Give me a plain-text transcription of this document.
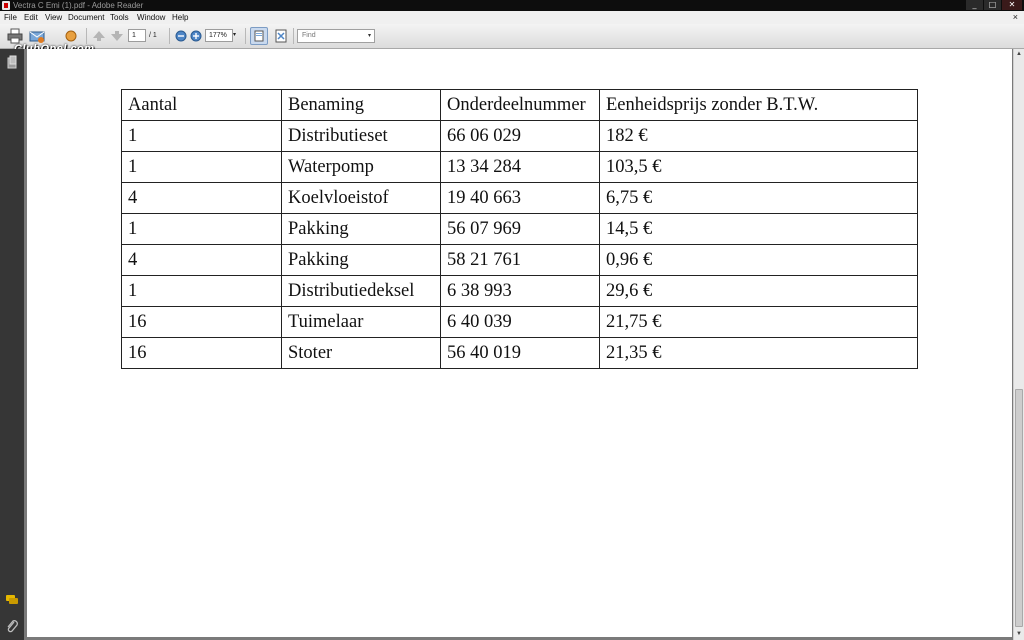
Vectra C Emi (1).pdf - Adobe Reader	_	□	✕
File Edit View Document Tools Window Help	×
1
/ 1
177%	▾	Find	▾
Aantal	Benaming	Onderdeelnummer	Eenheidsprijs zonder B.T.W.
1	Distributieset	66 06 029	182 €
1	Waterpomp	13 34 284	103,5 €
4	Koelvloeistof	19 40 663	6,75 €
1	Pakking	56 07 969	14,5 €
4	Pakking	58 21 761	0,96 €
1	Distributiedeksel	6 38 993	29,6 €
16	Tuimelaar	6 40 039	21,75 €
16	Stoter	56 40 019	21,35 €
▲
▼
